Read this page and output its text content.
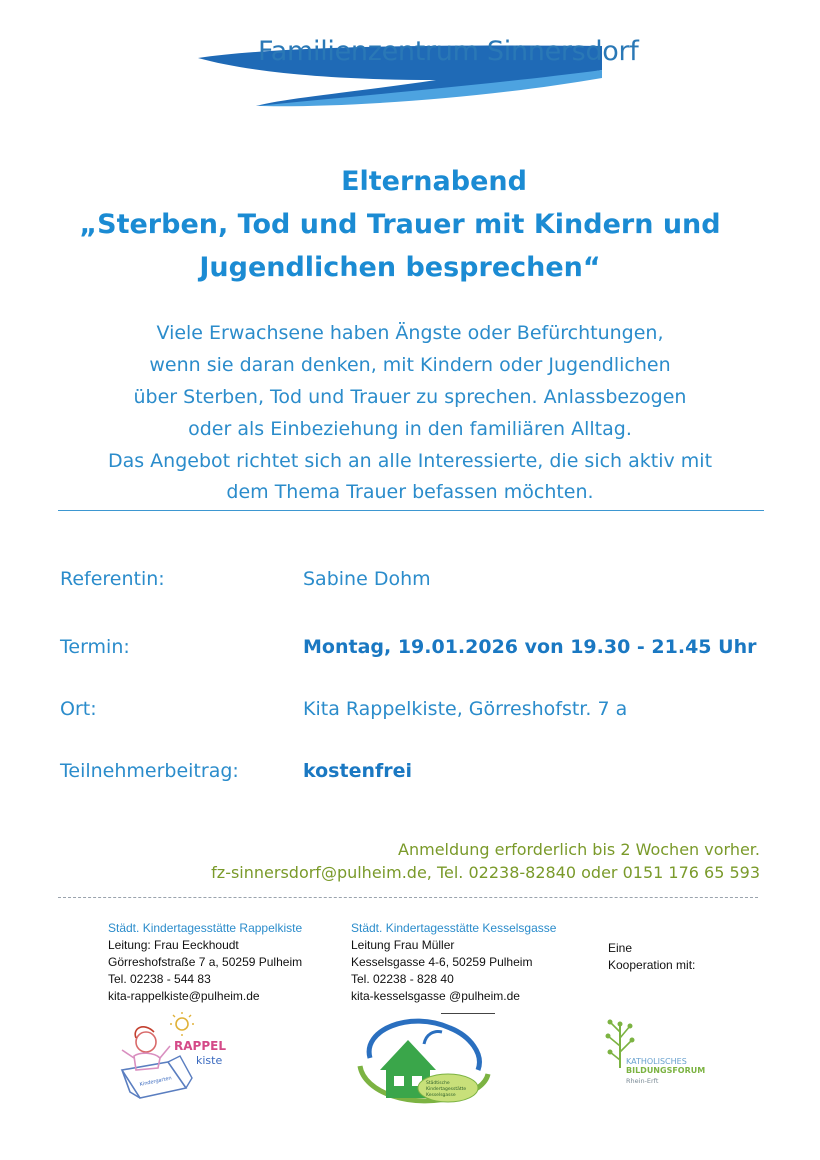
Familienzentrum Sinnersdorf
Elternabend
„Sterben, Tod und Trauer mit Kindern und
Jugendlichen besprechen“
Viele Erwachsene haben Ängste oder Befürchtungen,
wenn sie daran denken, mit Kindern oder Jugendlichen
über Sterben, Tod und Trauer zu sprechen. Anlassbezogen
oder als Einbeziehung in den familiären Alltag.
Das Angebot richtet sich an alle Interessierte, die sich aktiv mit
dem Thema Trauer befassen möchten.
Referentin:	Sabine Dohm
Termin:	Montag, 19.01.2026 von 19.30 - 21.45 Uhr
Ort:	Kita Rappelkiste, Görreshofstr. 7 a
Teilnehmerbeitrag:	kostenfrei
Anmeldung erforderlich bis 2 Wochen vorher.
fz-sinnersdorf@pulheim.de, Tel. 02238-82840 oder 0151 176 65 593
Städt. Kindertagesstätte Rappelkiste
Leitung: Frau Eeckhoudt
Görreshofstraße 7 a, 50259 Pulheim
Tel. 02238 - 544 83
kita-rappelkiste@pulheim.de
Städt. Kindertagesstätte Kesselsgasse
Leitung Frau Müller
Kesselsgasse 4-6, 50259 Pulheim
Tel. 02238 - 828 40
kita-kesselsgasse @pulheim.de
Eine
Kooperation mit:
RAPPEL
kiste
Kindergarten	Städtische
Kindertagesstätte
Kesselsgasse
KATHOLISCHES
BILDUNGSFORUM
Rhein-Erft
